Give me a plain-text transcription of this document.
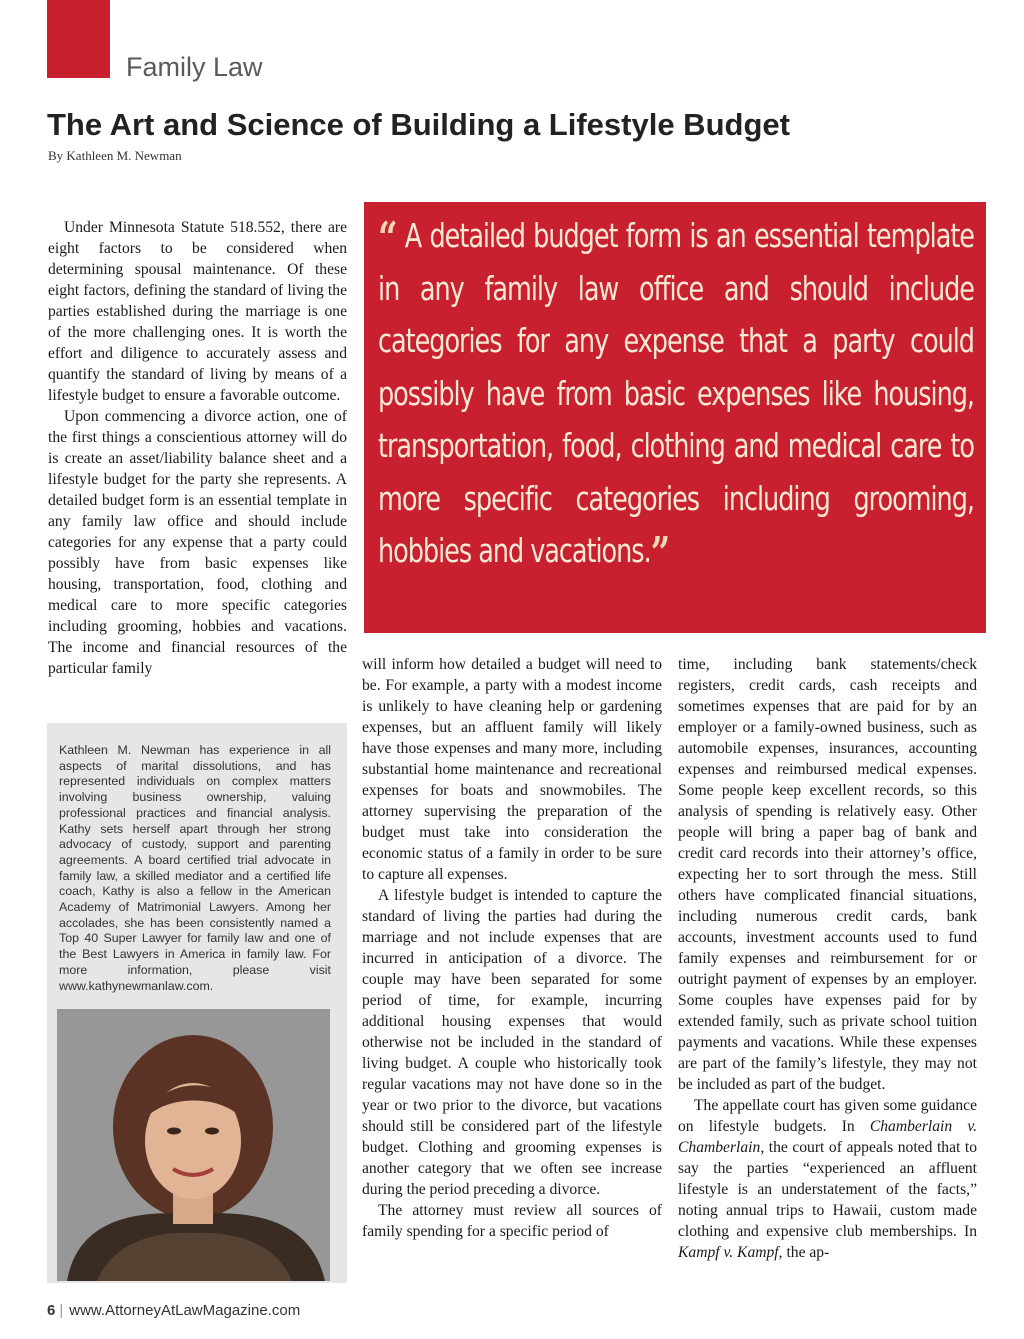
Family Law
The Art and Science of Building a Lifestyle Budget
By Kathleen M. Newman

Under Minnesota Statute 518.552, there are eight factors to be considered when determining spousal maintenance. Of these eight factors, defining the standard of living the parties established during the marriage is one of the more challenging ones. It is worth the effort and diligence to accurately assess and quantify the standard of living by means of a lifestyle budget to ensure a favorable outcome.

Upon commencing a divorce action, one of the first things a conscientious attorney will do is create an asset/liability balance sheet and a lifestyle budget for the party she represents. A detailed budget form is an essential template in any family law office and should include categories for any expense that a party could possibly have from basic expenses like housing, transportation, food, clothing and medical care to more specific categories including grooming, hobbies and vacations. The income and financial resources of the particular family

“ A detailed budget form is an essential template in any family law office and should include categories for any expense that a party could possibly have from basic expenses like housing, transportation, food, clothing and medical care to more specific categories including grooming, hobbies and vacations.”
Kathleen M. Newman has experience in all aspects of marital dissolutions, and has represented individuals on complex matters involving business ownership, valuing professional practices and financial analysis. Kathy sets herself apart through her strong advocacy of custody, support and parenting agreements. A board certified trial advocate in family law, a skilled mediator and a certified life coach, Kathy is also a fellow in the American Academy of Matrimonial Lawyers. Among her accolades, she has been consistently named a Top 40 Super Lawyer for family law and one of the Best Lawyers in America in family law. For more information, please visit www.kathynewmanlaw.com.

will inform how detailed a budget will need to be. For example, a party with a modest income is unlikely to have cleaning help or gardening expenses, but an affluent family will likely have those expenses and many more, including substantial home maintenance and recreational expenses for boats and snowmobiles. The attorney supervising the preparation of the budget must take into consideration the economic status of a family in order to be sure to capture all expenses.

A lifestyle budget is intended to capture the standard of living the parties had during the marriage and not include expenses that are incurred in anticipation of a divorce. The couple may have been separated for some period of time, for example, incurring additional housing expenses that would otherwise not be included in the standard of living budget. A couple who historically took regular vacations may not have done so in the year or two prior to the divorce, but vacations should still be considered part of the lifestyle budget. Clothing and grooming expenses is another category that we often see increase during the period preceding a divorce.

The attorney must review all sources of family spending for a specific period of

time, including bank statements/check registers, credit cards, cash receipts and sometimes expenses that are paid for by an employer or a family-owned business, such as automobile expenses, insurances, accounting expenses and reimbursed medical expenses. Some people keep excellent records, so this analysis of spending is relatively easy. Other people will bring a paper bag of bank and credit card records into their attorney’s office, expecting her to sort through the mess. Still others have complicated financial situations, including numerous credit cards, bank accounts, investment accounts used to fund family expenses and reimbursement for or outright payment of expenses by an employer. Some couples have expenses paid for by extended family, such as private school tuition payments and vacations. While these expenses are part of the family’s lifestyle, they may not be included as part of the budget.

The appellate court has given some guidance on lifestyle budgets. In Chamberlain v. Chamberlain, the court of appeals noted that to say the parties “experienced an affluent lifestyle is an understatement of the facts,” noting annual trips to Hawaii, custom made clothing and expensive club memberships. In Kampf v. Kampf, the ap-

6 | www.AttorneyAtLawMagazine.com
